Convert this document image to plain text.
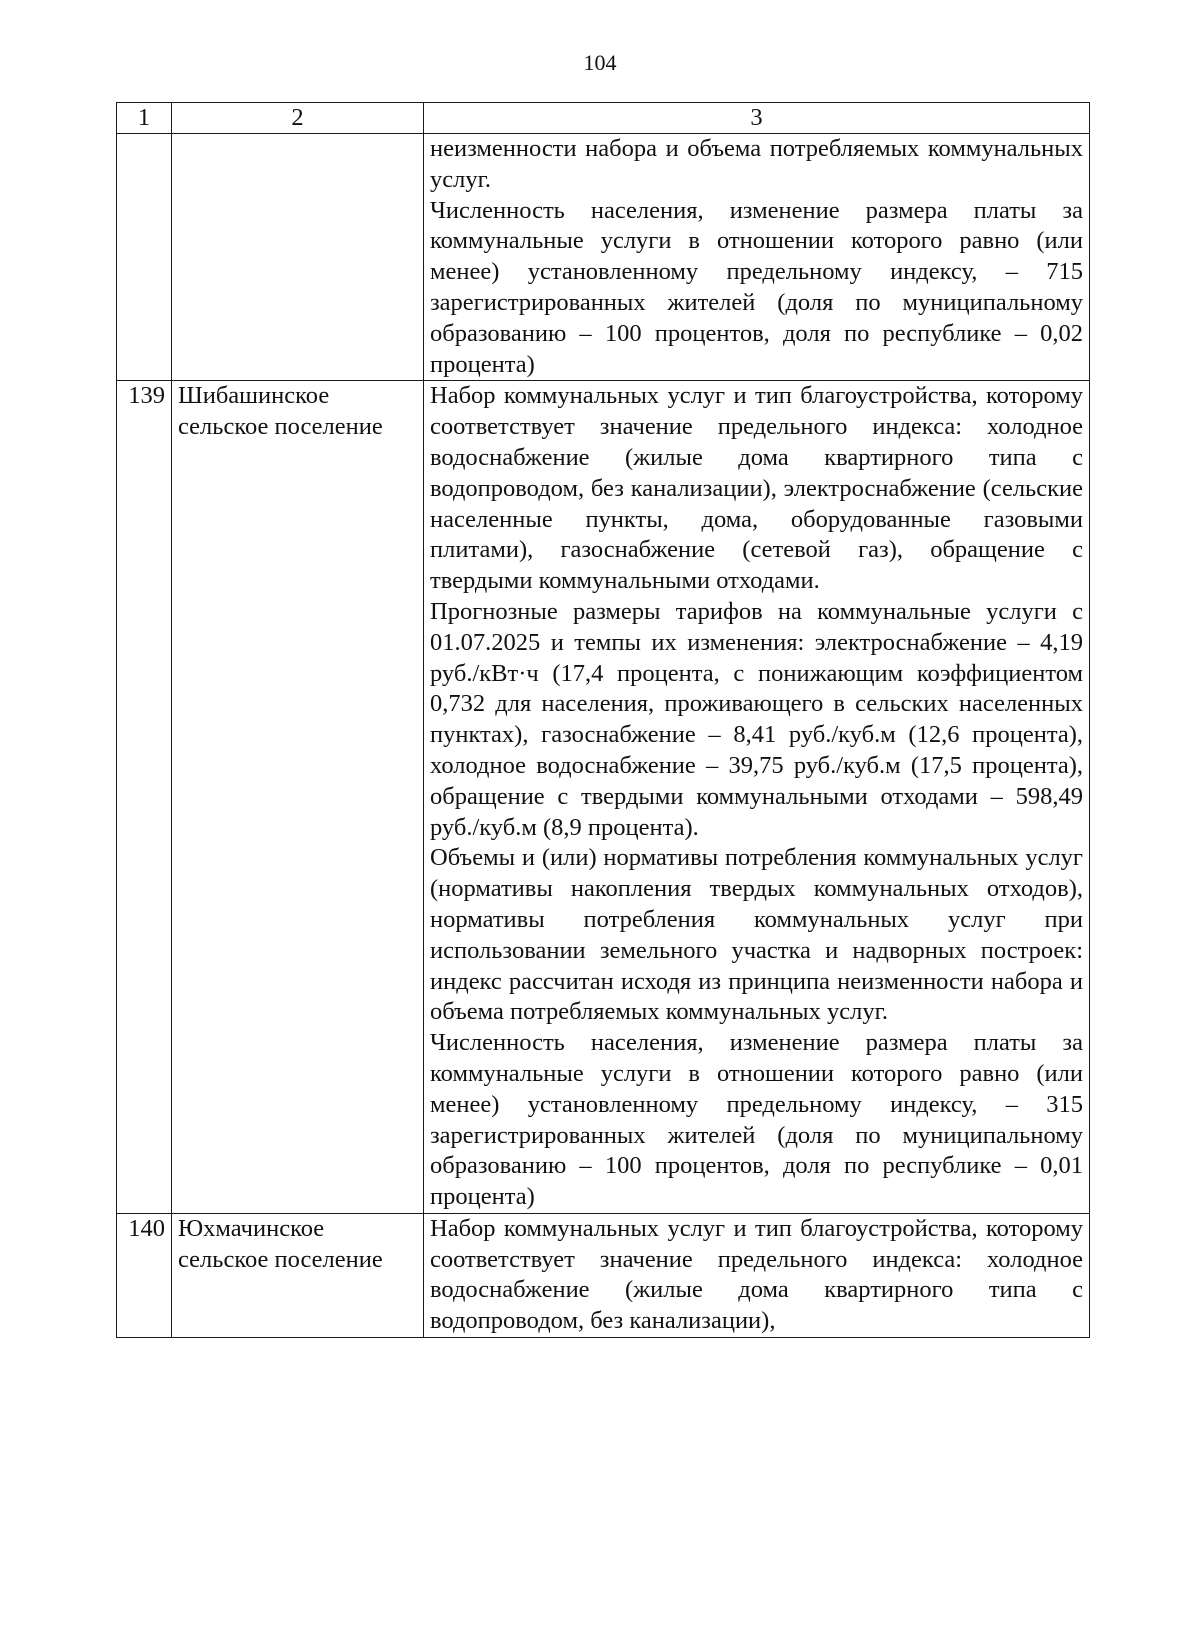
104
1	2	3

		неизменности набора и объема потребляемых коммунальных услуг.

Численность населения, изменение размера платы за коммунальные услуги в отношении которого равно (или менее) установленному предельному индексу, – 715 зарегистрированных жителей (доля по муниципальному образованию – 100 процентов, доля по республике – 0,02 процента)

139	Шибашинское сельское поселение	Набор коммунальных услуг и тип благоустройства, которому соответствует значение предельного индекса: холодное водоснабжение (жилые дома квартирного типа с водопроводом, без канализации), электроснабжение (сельские населенные пункты, дома, оборудованные газовыми плитами), газоснабжение (сетевой газ), обращение с твердыми коммунальными отходами.

Прогнозные размеры тарифов на коммунальные услуги с 01.07.2025 и темпы их изменения: электроснабжение – 4,19 руб./кВт·ч (17,4 процента, с понижающим коэффициентом 0,732 для населения, проживающего в сельских населенных пунктах), газоснабжение – 8,41 руб./куб.м (12,6 процента), холодное водоснабжение – 39,75 руб./куб.м (17,5 процента), обращение с твердыми коммунальными отходами – 598,49 руб./куб.м (8,9 процента).

Объемы и (или) нормативы потребления коммунальных услуг (нормативы накопления твердых коммунальных отходов), нормативы потребления коммунальных услуг при использовании земельного участка и надворных построек: индекс рассчитан исходя из принципа неизменности набора и объема потребляемых коммунальных услуг.

Численность населения, изменение размера платы за коммунальные услуги в отношении которого равно (или менее) установленному предельному индексу, – 315 зарегистрированных жителей (доля по муниципальному образованию – 100 процентов, доля по республике – 0,01 процента)

140	Юхмачинское сельское поселение	Набор коммунальных услуг и тип благоустройства, которому соответствует значение предельного индекса: холодное водоснабжение (жилые дома квартирного типа с водопроводом, без канализации),
